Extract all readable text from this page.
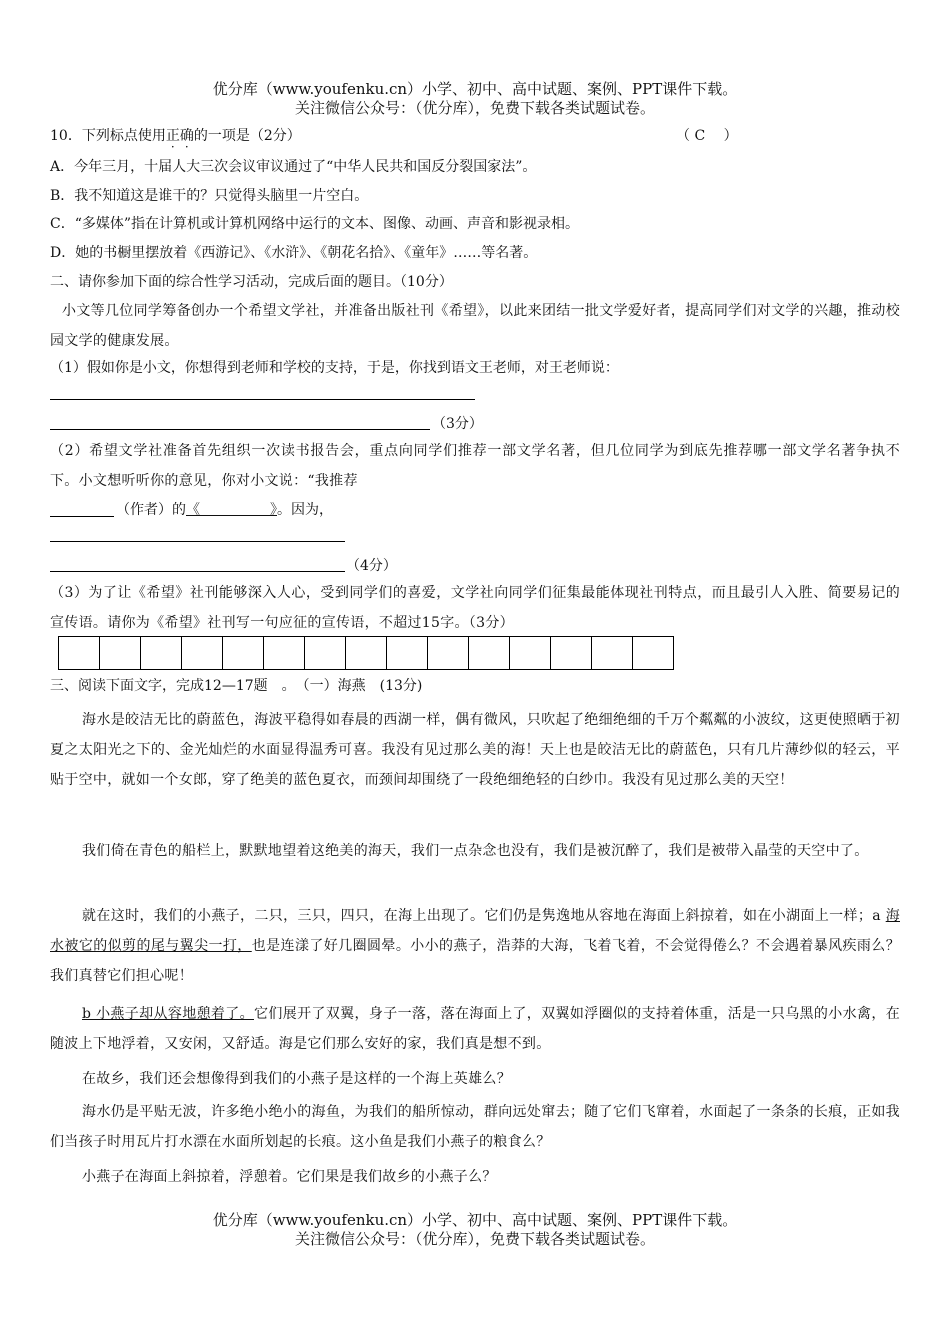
优分库（www.youfenku.cn）小学、初中、高中试题、案例、PPT课件下载。
关注微信公众号：（优分库），免费下载各类试题试卷。
10．下列标点使用正确的一项是（2分）	（ C　 ）
A．今年三月，十届人大三次会议审议通过了“中华人民共和国反分裂国家法”。
B．我不知道这是谁干的？只觉得头脑里一片空白。
C．“多媒体”指在计算机或计算机网络中运行的文本、图像、动画、声音和影视录相。
D．她的书橱里摆放着《西游记》、《水浒》、《朝花名拾》、《童年》……等名著。
二、请你参加下面的综合性学习活动，完成后面的题目。（10分）
小文等几位同学筹备创办一个希望文学社，并准备出版社刊《希望》，以此来团结一批文学爱好者，提高同学们对文学的兴趣，推动校园文学的健康发展。
（1）假如你是小文，你想得到老师和学校的支持，于是，你找到语文王老师，对王老师说：
（3分）
（2）希望文学社准备首先组织一次读书报告会，重点向同学们推荐一部文学名著，但几位同学为到底先推荐哪一部文学名著争执不下。小文想听听你的意见，你对小文说：“我推荐
（作者）的《　　　　　》。因为，
（4分）
（3）为了让《希望》社刊能够深入人心，受到同学们的喜爱，文学社向同学们征集最能体现社刊特点，而且最引人入胜、简要易记的宣传语。请你为《希望》社刊写一句应征的宣传语，不超过15字。（3分）
三、阅读下面文字，完成12—17题　。　（一）海燕　(13分)
海水是皎洁无比的蔚蓝色，海波平稳得如春晨的西湖一样，偶有微风，只吹起了绝细绝细的千万个粼粼的小波纹，这更使照晒于初夏之太阳光之下的、金光灿烂的水面显得温秀可喜。我没有见过那么美的海！天上也是皎洁无比的蔚蓝色，只有几片薄纱似的轻云，平贴于空中，就如一个女郎，穿了绝美的蓝色夏衣，而颈间却围绕了一段绝细绝轻的白纱巾。我没有见过那么美的天空！
我们倚在青色的船栏上，默默地望着这绝美的海天，我们一点杂念也没有，我们是被沉醉了，我们是被带入晶莹的天空中了。
就在这时，我们的小燕子，二只，三只，四只，在海上出现了。它们仍是隽逸地从容地在海面上斜掠着，如在小湖面上一样；a 海水被它的似剪的尾与翼尖一打，也是连漾了好几圈圆晕。小小的燕子，浩莽的大海，飞着飞着，不会觉得倦么？不会遇着暴风疾雨么？我们真替它们担心呢！
b 小燕子却从容地憩着了。它们展开了双翼，身子一落，落在海面上了，双翼如浮圈似的支持着体重，活是一只乌黑的小水禽，在随波上下地浮着，又安闲，又舒适。海是它们那么安好的家，我们真是想不到。
在故乡，我们还会想像得到我们的小燕子是这样的一个海上英雄么？
海水仍是平贴无波，许多绝小绝小的海鱼，为我们的船所惊动，群向远处窜去；随了它们飞窜着，水面起了一条条的长痕，正如我们当孩子时用瓦片打水漂在水面所划起的长痕。这小鱼是我们小燕子的粮食么？
小燕子在海面上斜掠着，浮憩着。它们果是我们故乡的小燕子么？
优分库（www.youfenku.cn）小学、初中、高中试题、案例、PPT课件下载。
关注微信公众号：（优分库），免费下载各类试题试卷。
